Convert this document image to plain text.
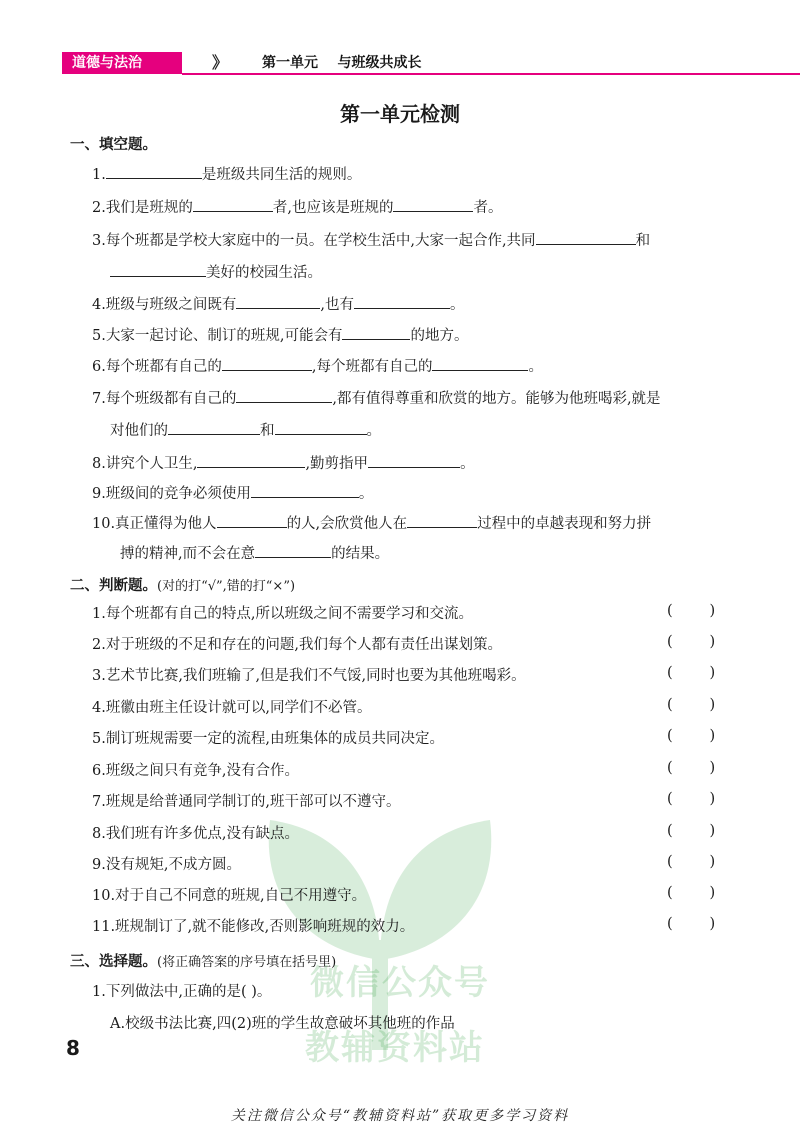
道德与法治	》 第一单元    与班级共成长
第一单元检测
微信公众号
教辅资料站
一、填空题。
1.	是班级共同生活的规则。
2.我们是班规的	者,也应该是班规的	者。
3.每个班都是学校大家庭中的一员。在学校生活中,大家一起合作,共同	和
美好的校园生活。
4.班级与班级之间既有	,也有	。
5.大家一起讨论、制订的班规,可能会有	的地方。
6.每个班都有自己的	,每个班都有自己的	。
7.每个班级都有自己的	,都有值得尊重和欣赏的地方。能够为他班喝彩,就是
对他们的	和	。
8.讲究个人卫生,	,勤剪指甲	。
9.班级间的竞争必须使用	。
10.真正懂得为他人	的人,会欣赏他人在	过程中的卓越表现和努力拼
搏的精神,而不会在意	的结果。
二、判断题。(对的打“√”,错的打“×”)
1.每个班都有自己的特点,所以班级之间不需要学习和交流。	(        )
2.对于班级的不足和存在的问题,我们每个人都有责任出谋划策。	(        )
3.艺术节比赛,我们班输了,但是我们不气馁,同时也要为其他班喝彩。	(        )
4.班徽由班主任设计就可以,同学们不必管。	(        )
5.制订班规需要一定的流程,由班集体的成员共同决定。	(        )
6.班级之间只有竞争,没有合作。	(        )
7.班规是给普通同学制订的,班干部可以不遵守。	(        )
8.我们班有许多优点,没有缺点。	(        )
9.没有规矩,不成方圆。	(        )
10.对于自己不同意的班规,自己不用遵守。	(        )
11.班规制订了,就不能修改,否则影响班规的效力。	(        )
三、选择题。(将正确答案的序号填在括号里)
1.下列做法中,正确的是( )。
A.校级书法比赛,四(2)班的学生故意破坏其他班的作品
8
关注微信公众号“教辅资料站”获取更多学习资料
